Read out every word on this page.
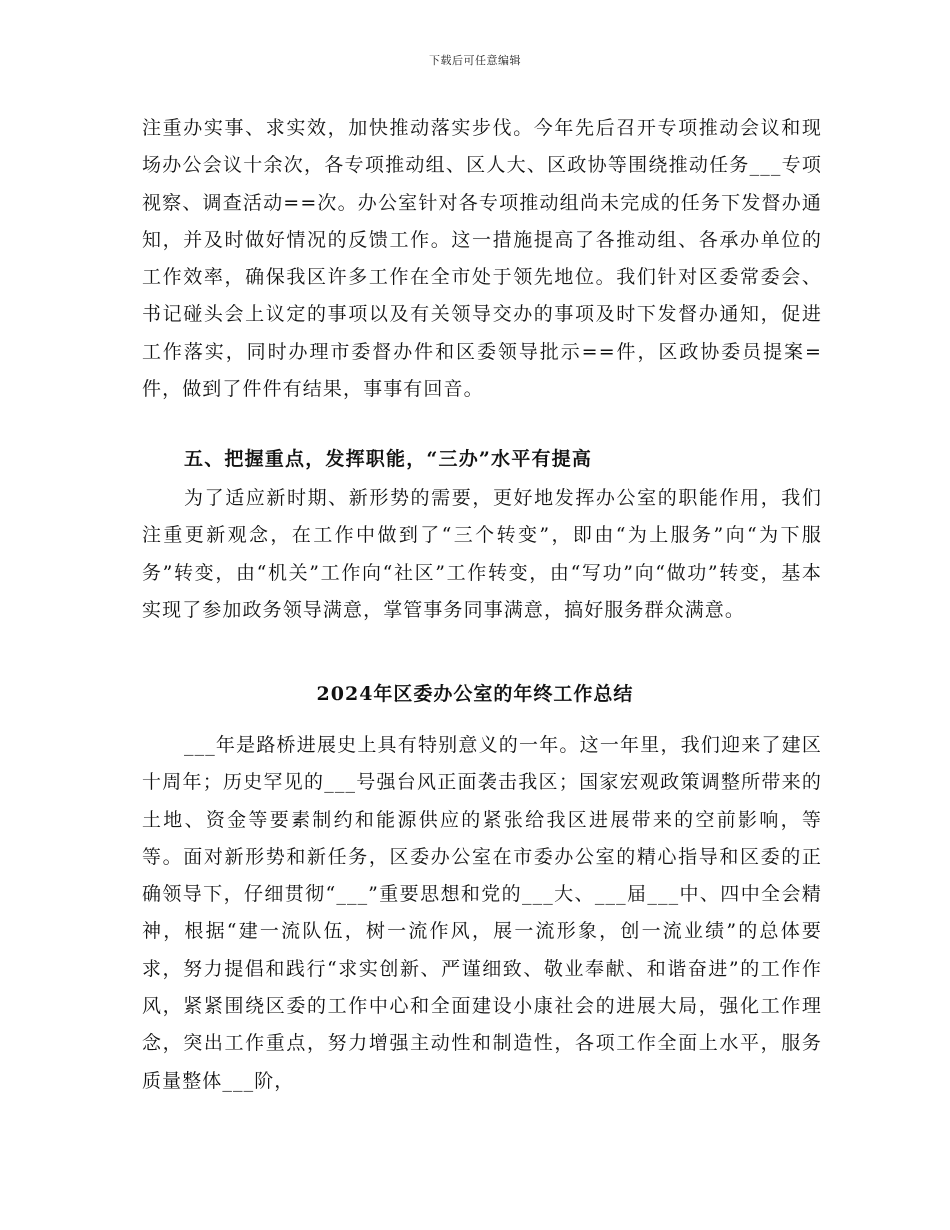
下载后可任意编辑
注重办实事、求实效，加快推动落实步伐。今年先后召开专项推动会议和现场办公会议十余次，各专项推动组、区人大、区政协等围绕推动任务___专项视察、调查活动==次。办公室针对各专项推动组尚未完成的任务下发督办通知，并及时做好情况的反馈工作。这一措施提高了各推动组、各承办单位的工作效率，确保我区许多工作在全市处于领先地位。我们针对区委常委会、书记碰头会上议定的事项以及有关领导交办的事项及时下发督办通知，促进工作落实，同时办理市委督办件和区委领导批示==件，区政协委员提案=件，做到了件件有结果，事事有回音。
五、把握重点，发挥职能，“三办”水平有提高
为了适应新时期、新形势的需要，更好地发挥办公室的职能作用，我们注重更新观念，在工作中做到了“三个转变”，即由“为上服务”向“为下服务”转变，由“机关”工作向“社区”工作转变，由“写功”向“做功”转变，基本实现了参加政务领导满意，掌管事务同事满意，搞好服务群众满意。
2024年区委办公室的年终工作总结
___年是路桥进展史上具有特别意义的一年。这一年里，我们迎来了建区十周年；历史罕见的___号强台风正面袭击我区；国家宏观政策调整所带来的土地、资金等要素制约和能源供应的紧张给我区进展带来的空前影响，等等。面对新形势和新任务，区委办公室在市委办公室的精心指导和区委的正确领导下，仔细贯彻“___”重要思想和党的___大、___届___中、四中全会精神，根据“建一流队伍，树一流作风，展一流形象，创一流业绩”的总体要求，努力提倡和践行“求实创新、严谨细致、敬业奉献、和谐奋进”的工作作风，紧紧围绕区委的工作中心和全面建设小康社会的进展大局，强化工作理念，突出工作重点，努力增强主动性和制造性，各项工作全面上水平，服务质量整体___阶，
